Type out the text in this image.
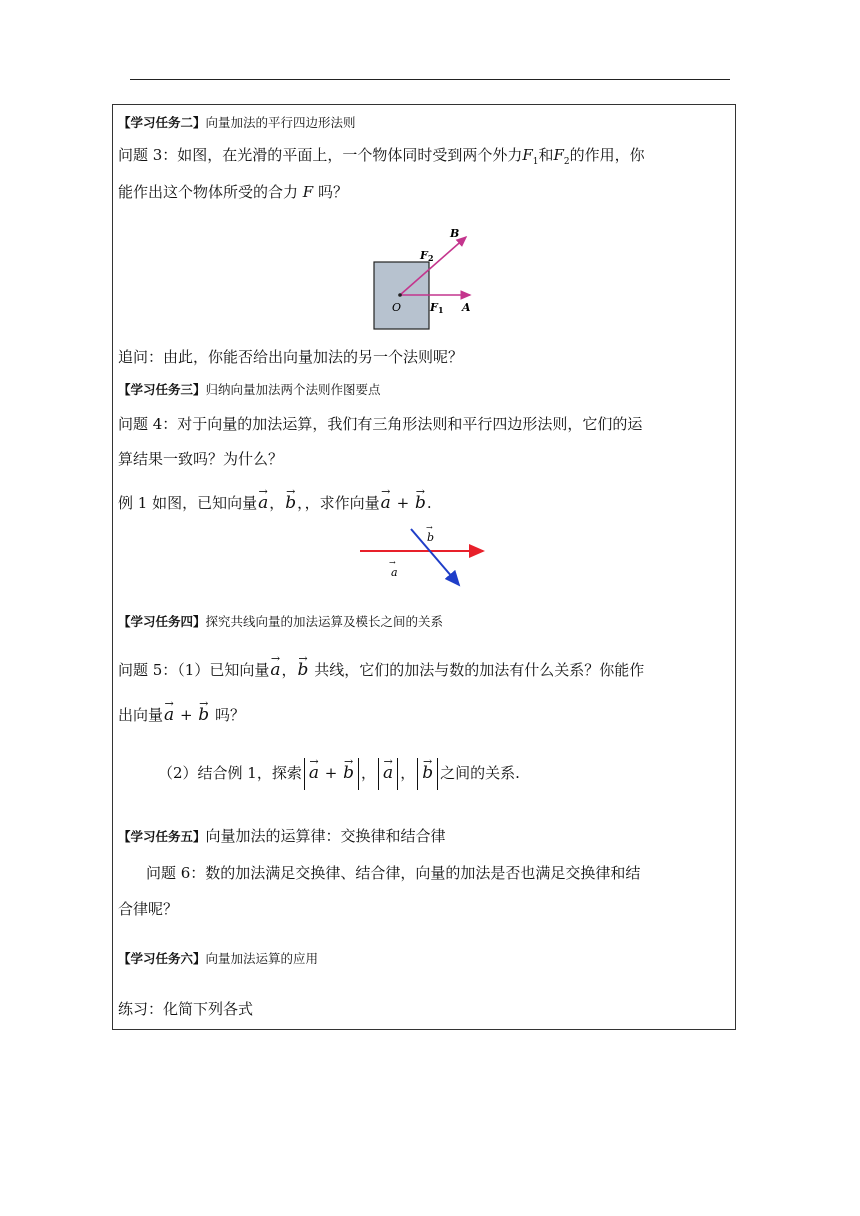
【学习任务二】向量加法的平行四边形法则
问题 3：如图，在光滑的平面上，一个物体同时受到两个外力$F_1$和$F_2$的作用，你
能作出这个物体所受的合力 F 吗？
B
F 2
O	F 1 A
追问：由此，你能否给出向量加法的另一个法则呢？
【学习任务三】归纳向量加法两个法则作图要点
问题 4：对于向量的加法运算，我们有三角形法则和平行四边形法则，它们的运
算结果一致吗？为什么？
例 1 如图，已知向量→ a，→ b，，求作向量→ a + → b.
a
→
b
→
【学习任务四】探究共线向量的加法运算及模长之间的关系
问题 5：（1）已知向量→ a，→ b 共线，它们的加法与数的加法有什么关系？你能作
出向量→ a + → b 吗？
（2）结合例 1，探索 → a + → b ， → a ， → b 之间的关系.
【学习任务五】向量加法的运算律：交换律和结合律
问题 6：数的加法满足交换律、结合律，向量的加法是否也满足交换律和结
合律呢？
【学习任务六】向量加法运算的应用
练习：化简下列各式
